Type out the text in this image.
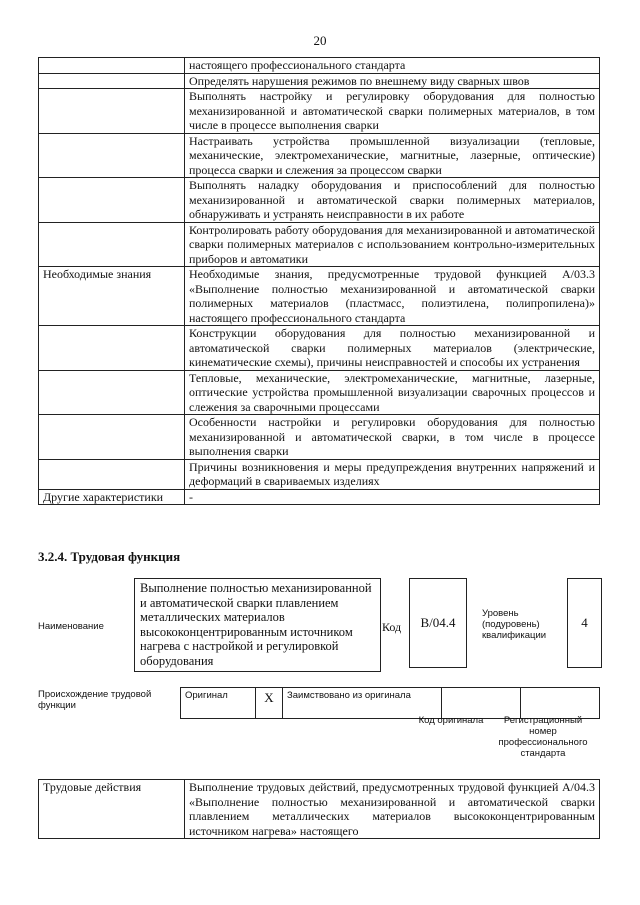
20
	настоящего профессионального стандарта
	Определять нарушения режимов по внешнему виду сварных швов
	Выполнять настройку и регулировку оборудования для полностью механизированной и автоматической сварки полимерных материалов, в том числе в процессе выполнения сварки
	Настраивать устройства промышленной визуализации (тепловые, механические, электромеханические, магнитные, лазерные, оптические) процесса сварки и слежения за процессом сварки
	Выполнять наладку оборудования и приспособлений для полностью механизированной и автоматической сварки полимерных материалов, обнаруживать и устранять неисправности в их работе
	Контролировать работу оборудования для механизированной и автоматической сварки полимерных материалов с использованием контрольно-измерительных приборов и автоматики
Необходимые знания	Необходимые знания, предусмотренные трудовой функцией А/03.3 «Выполнение полностью механизированной и автоматической сварки полимерных материалов (пластмасс, полиэтилена, полипропилена)» настоящего профессионального стандарта
	Конструкции оборудования для полностью механизированной и автоматической сварки полимерных материалов (электрические, кинематические схемы), причины неисправностей и способы их устранения
	Тепловые, механические, электромеханические, магнитные, лазерные, оптические устройства промышленной визуализации сварочных процессов и слежения за сварочными процессами
	Особенности настройки и регулировки оборудования для полностью механизированной и автоматической сварки, в том числе в процессе выполнения сварки
	Причины возникновения и меры предупреждения внутренних напряжений и деформаций в свариваемых изделиях
Другие характеристики	-
3.2.4. Трудовая функция
Наименование
Выполнение полностью механизированной и автоматической сварки плавлением металлических материалов высококонцентрированным источником нагрева с настройкой и регулировкой оборудования
Код	B/04.4
Уровень (подуровень) квалификации
4
Происхождение трудовой функции
Оригинал	X	Заимствовано из оригинала		
Код оригинала	Регистрационный номер профессионального стандарта
Трудовые действия	Выполнение трудовых действий, предусмотренных трудовой функцией А/04.3 «Выполнение полностью механизированной и автоматической сварки плавлением металлических материалов высококонцентрированным источником нагрева» настоящего
